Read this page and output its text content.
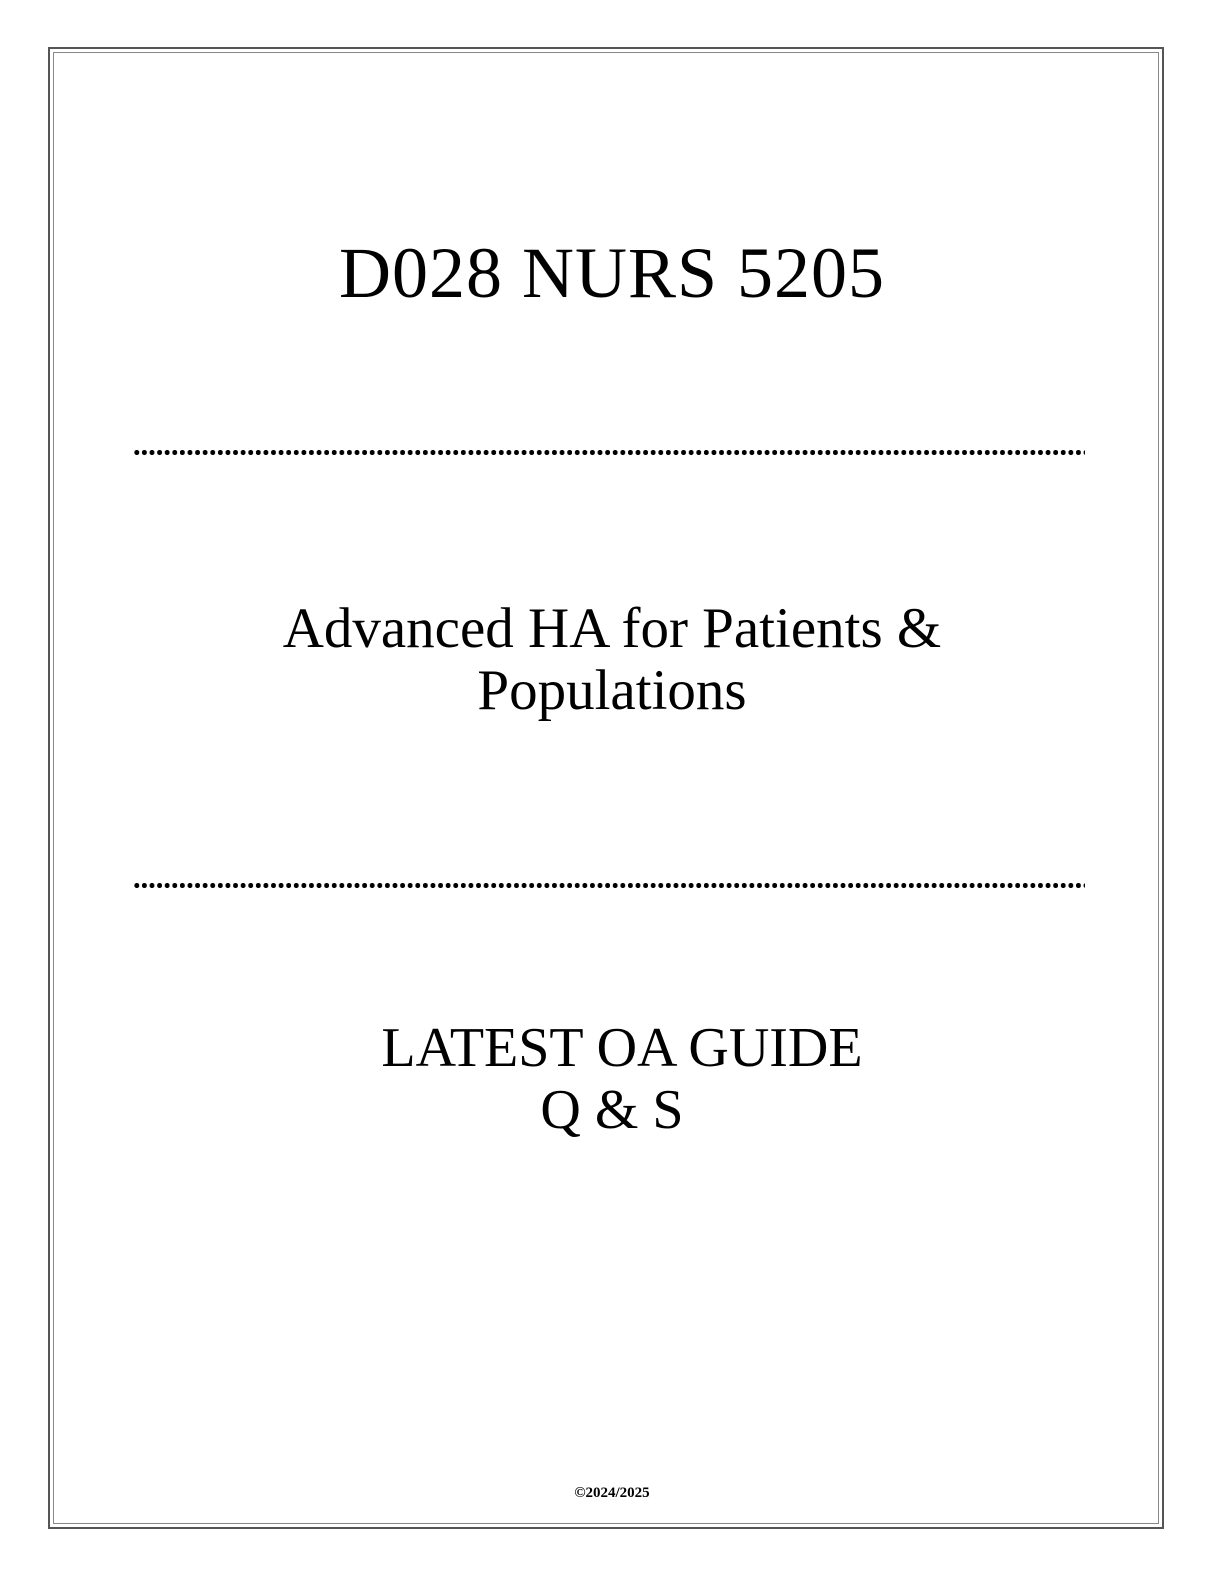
D028 NURS 5205
Advanced HA for Patients &
Populations
LATEST OA GUIDE
Q & S
©2024/2025
